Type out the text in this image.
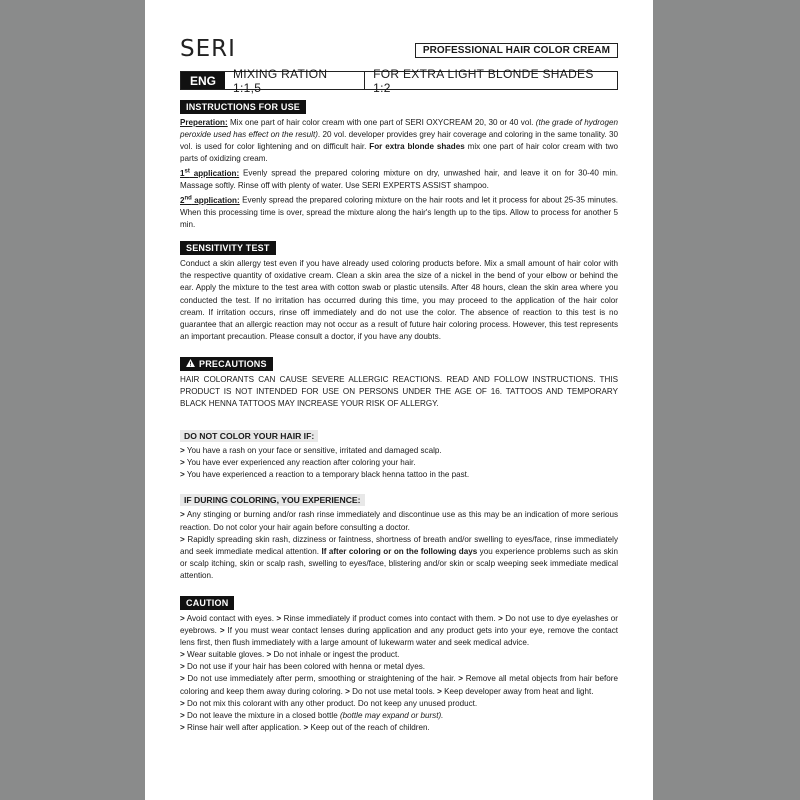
SERI	PROFESSIONAL HAIR COLOR CREAM
ENG	MIXING RATION 1:1,5
FOR EXTRA LIGHT BLONDE SHADES 1:2
INSTRUCTIONS FOR USE

Preperation: Mix one part of hair color cream with one part of SERI OXYCREAM 20, 30 or 40 vol. (the grade of hydrogen peroxide used has effect on the result). 20 vol. developer provides grey hair coverage and coloring in the same tonality. 30 vol. is used for color lightening and on difficult hair. For extra blonde shades mix one part of hair color cream with two parts of oxidizing cream.

1st application: Evenly spread the prepared coloring mixture on dry, unwashed hair, and leave it on for 30-40 min. Massage softly. Rinse off with plenty of water. Use SERI EXPERTS ASSIST shampoo.

2nd application: Evenly spread the prepared coloring mixture on the hair roots and let it process for about 25-35 minutes. When this processing time is over, spread the mixture along the hair's length up to the tips. Allow to process for another 5 min.

SENSITIVITY TEST

Conduct a skin allergy test even if you have already used coloring products before. Mix a small amount of hair color with the respective quantity of oxidative cream. Clean a skin area the size of a nickel in the bend of your elbow or behind the ear. Apply the mixture to the test area with cotton swab or plastic utensils. After 48 hours, clean the skin area where you conducted the test. If no irritation has occurred during this time, you may proceed to the application of the hair color cream. If irritation occurs, rinse off immediately and do not use the color. The absence of reaction to this test is no guarantee that an allergic reaction may not occur as a result of future hair coloring process. However, this test represents an important precaution. Please consult a doctor, if you have any doubts.

PRECAUTIONS

HAIR COLORANTS CAN CAUSE SEVERE ALLERGIC REACTIONS. READ AND FOLLOW INSTRUCTIONS. THIS PRODUCT IS NOT INTENDED FOR USE ON PERSONS UNDER THE AGE OF 16. TATTOOS AND TEMPORARY BLACK HENNA TATTOOS MAY INCREASE YOUR RISK OF ALLERGY.

DO NOT COLOR YOUR HAIR IF:

> You have a rash on your face or sensitive, irritated and damaged scalp.

> You have ever experienced any reaction after coloring your hair.

> You have experienced a reaction to a temporary black henna tattoo in the past.

IF DURING COLORING, YOU EXPERIENCE:

> Any stinging or burning and/or rash rinse immediately and discontinue use as this may be an indication of more serious reaction. Do not color your hair again before consulting a doctor.

> Rapidly spreading skin rash, dizziness or faintness, shortness of breath and/or swelling to eyes/face, rinse immediately and seek immediate medical attention. If after coloring or on the following days you experience problems such as skin or scalp itching, skin or scalp rash, swelling to eyes/face, blistering and/or skin or scalp weeping seek immediate medical attention.

CAUTION

> Avoid contact with eyes. > Rinse immediately if product comes into contact with them. > Do not use to dye eyelashes or eyebrows. > If you must wear contact lenses during application and any product gets into your eye, remove the contact lens first, then flush immediately with a large amount of lukewarm water and seek medical advice.

> Wear suitable gloves. > Do not inhale or ingest the product.

> Do not use if your hair has been colored with henna or metal dyes.

> Do not use immediately after perm, smoothing or straightening of the hair. > Remove all metal objects from hair before coloring and keep them away during coloring. > Do not use metal tools. > Keep developer away from heat and light.

> Do not mix this colorant with any other product. Do not keep any unused product.

> Do not leave the mixture in a closed bottle (bottle may expand or burst).

> Rinse hair well after application. > Keep out of the reach of children.
